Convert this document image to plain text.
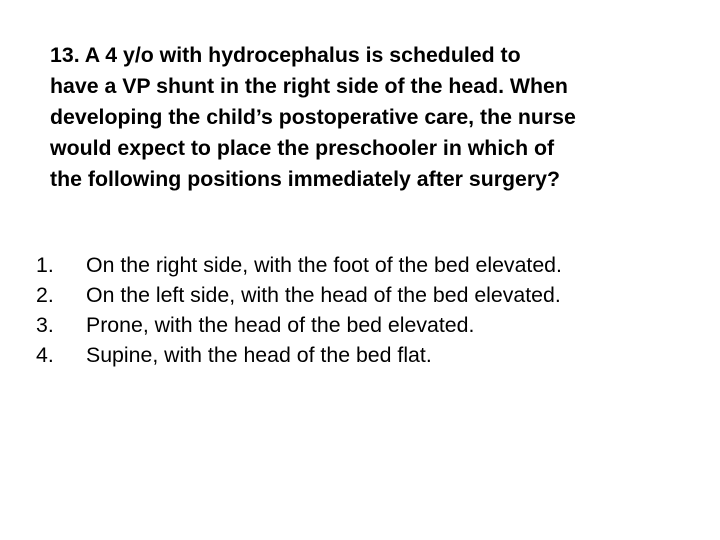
13. A 4 y/o with hydrocephalus is scheduled to
have a VP shunt in the right side of the head. When
developing the child’s postoperative care, the nurse
would expect to place the preschooler in which of
the following positions immediately after surgery?
1.	On the right side, with the foot of the bed elevated.
2.	On the left side, with the head of the bed elevated.
3.	Prone, with the head of the bed elevated.
4.	Supine, with the head of the bed flat.
